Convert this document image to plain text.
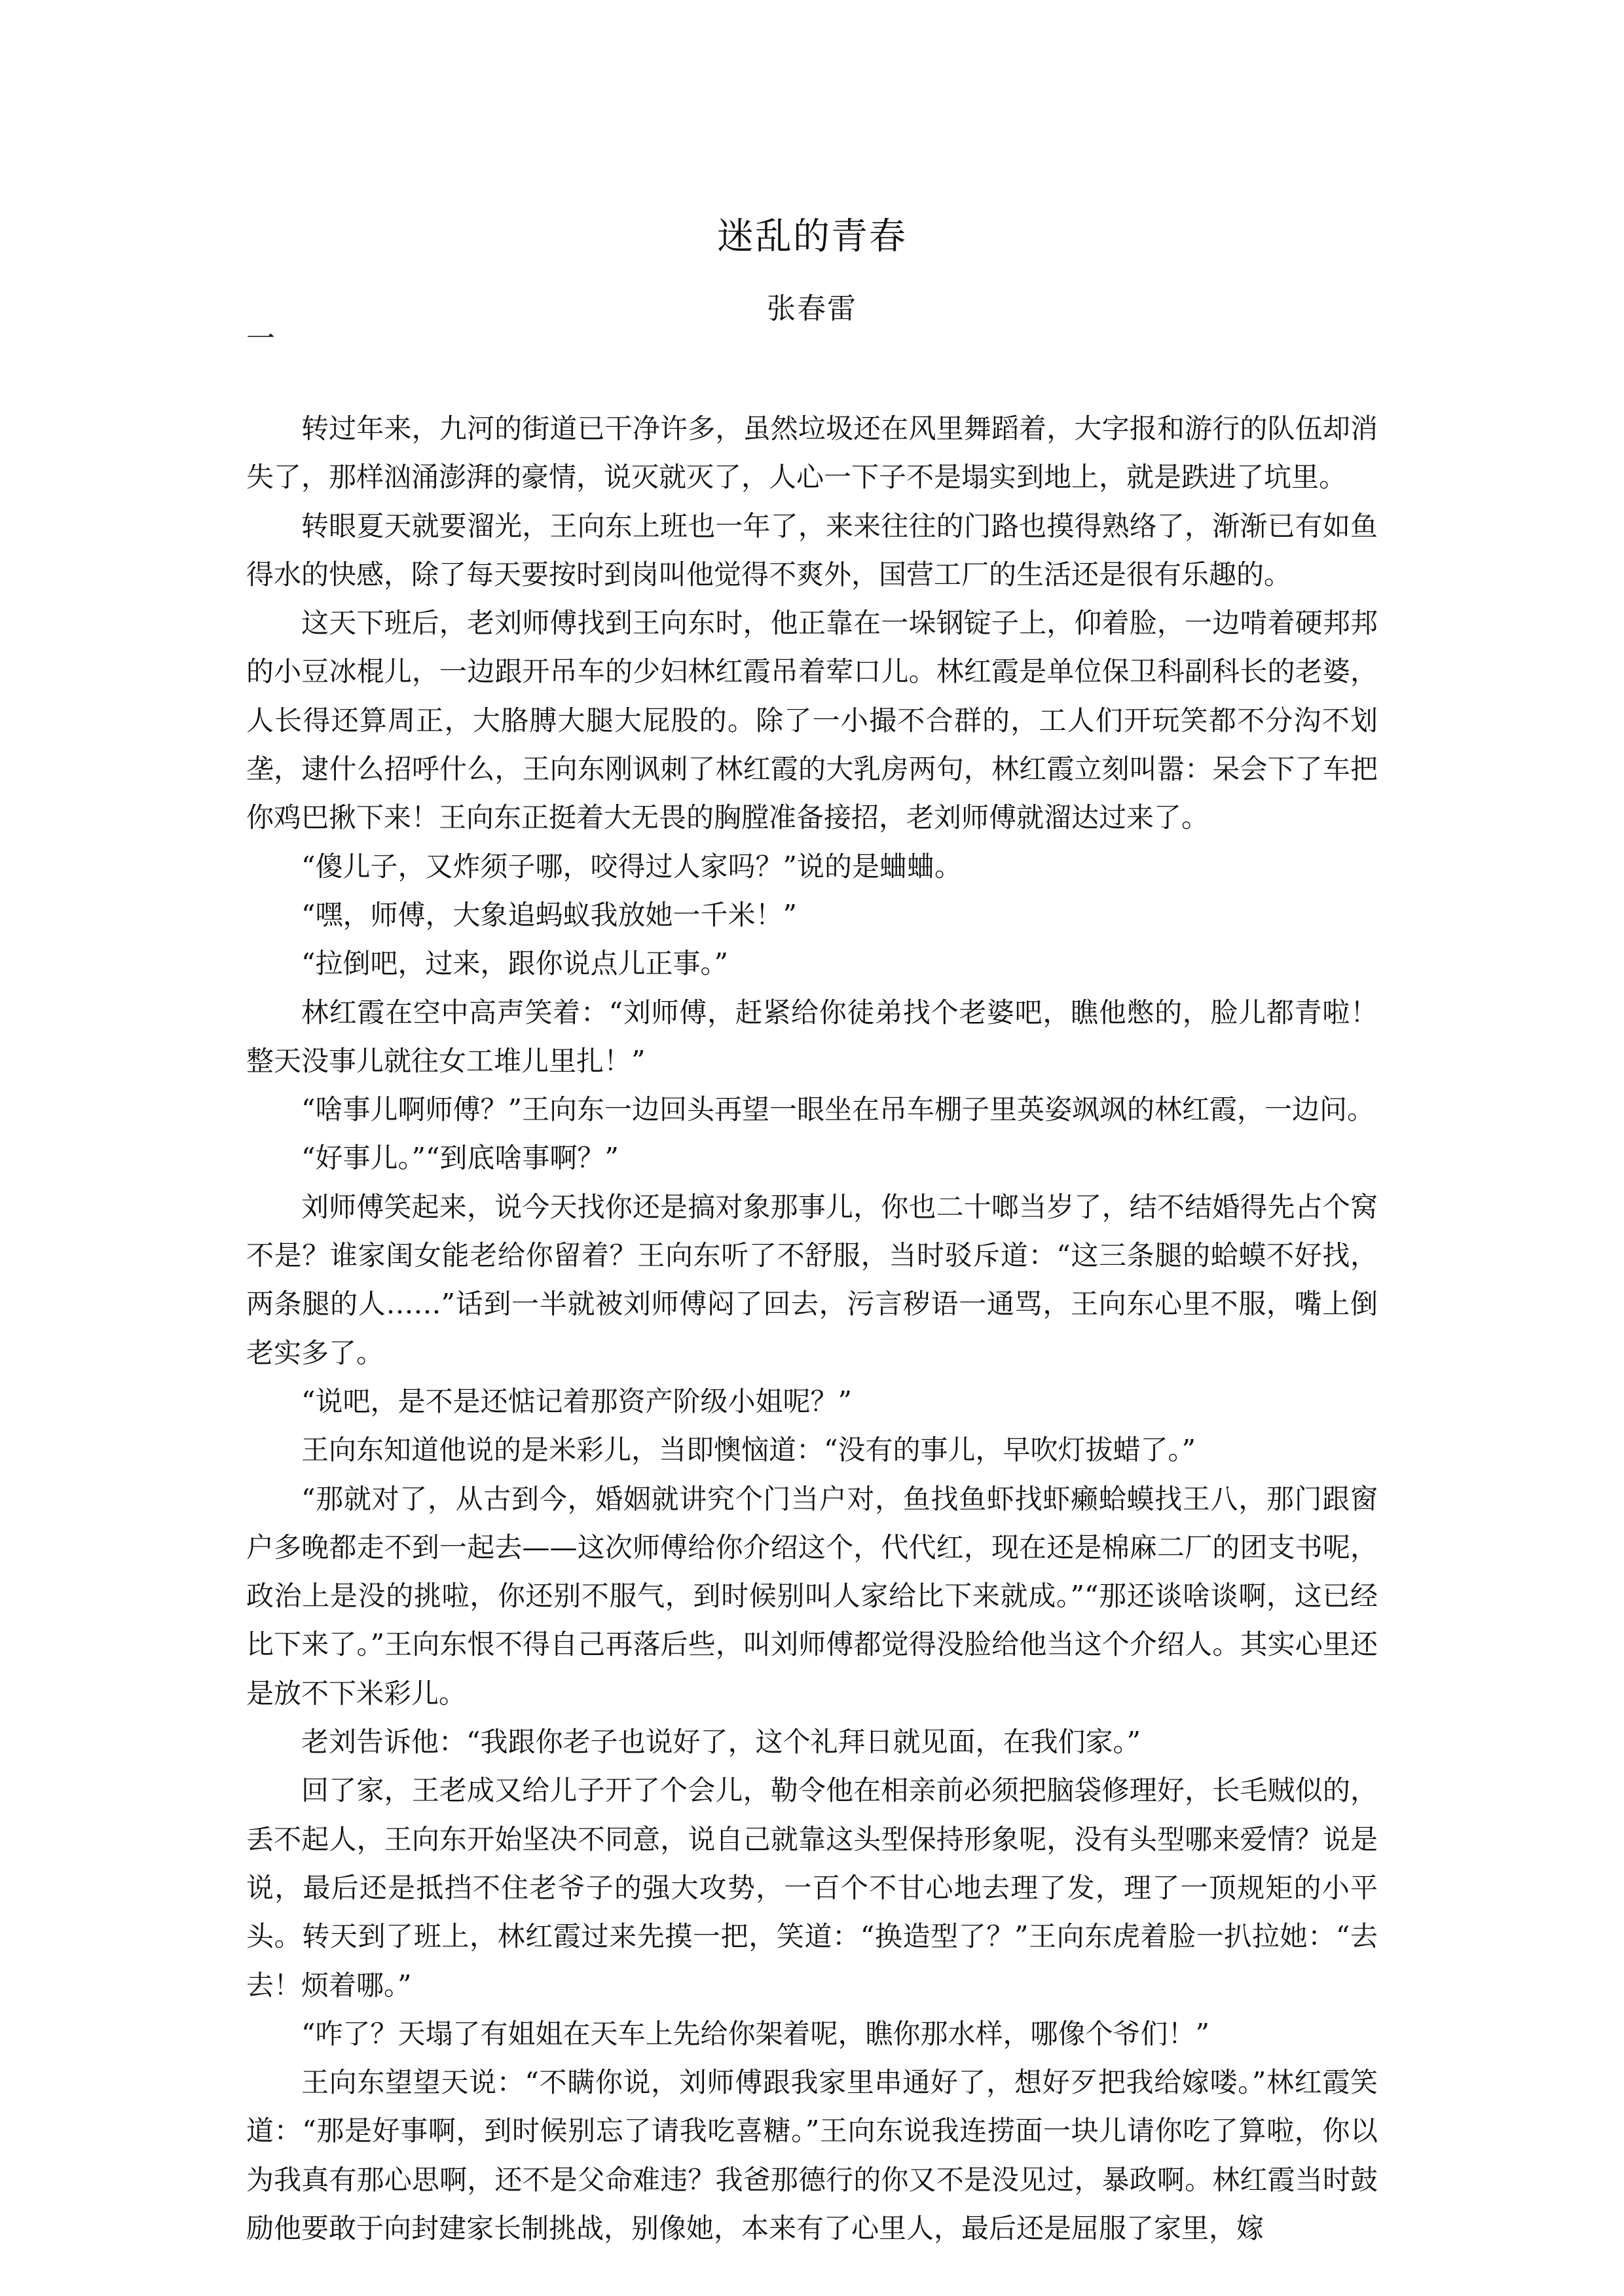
迷乱的青春
张春雷
一

转过年来，九河的街道已干净许多，虽然垃圾还在风里舞蹈着，大字报和游行的队伍却消失了，那样汹涌澎湃的豪情，说灭就灭了，人心一下子不是塌实到地上，就是跌进了坑里。

转眼夏天就要溜光，王向东上班也一年了，来来往往的门路也摸得熟络了，渐渐已有如鱼得水的快感，除了每天要按时到岗叫他觉得不爽外，国营工厂的生活还是很有乐趣的。

这天下班后，老刘师傅找到王向东时，他正靠在一垛钢锭子上，仰着脸，一边啃着硬邦邦的小豆冰棍儿，一边跟开吊车的少妇林红霞吊着荤口儿。林红霞是单位保卫科副科长的老婆，人长得还算周正，大胳膊大腿大屁股的。除了一小撮不合群的，工人们开玩笑都不分沟不划垄，逮什么招呼什么，王向东刚讽刺了林红霞的大乳房两句，林红霞立刻叫嚣：呆会下了车把你鸡巴揪下来！王向东正挺着大无畏的胸膛准备接招，老刘师傅就溜达过来了。

“傻儿子，又炸须子哪，咬得过人家吗？”说的是蛐蛐。

“嘿，师傅，大象追蚂蚁我放她一千米！”

“拉倒吧，过来，跟你说点儿正事。”

林红霞在空中高声笑着：“刘师傅，赶紧给你徒弟找个老婆吧，瞧他憋的，脸儿都青啦！整天没事儿就往女工堆儿里扎！”

“啥事儿啊师傅？”王向东一边回头再望一眼坐在吊车棚子里英姿飒飒的林红霞，一边问。

“好事儿。”“到底啥事啊？”

刘师傅笑起来，说今天找你还是搞对象那事儿，你也二十啷当岁了，结不结婚得先占个窝不是？谁家闺女能老给你留着？王向东听了不舒服，当时驳斥道：“这三条腿的蛤蟆不好找，两条腿的人……”话到一半就被刘师傅闷了回去，污言秽语一通骂，王向东心里不服，嘴上倒老实多了。

“说吧，是不是还惦记着那资产阶级小姐呢？”

王向东知道他说的是米彩儿，当即懊恼道：“没有的事儿，早吹灯拔蜡了。”

“那就对了，从古到今，婚姻就讲究个门当户对，鱼找鱼虾找虾癞蛤蟆找王八，那门跟窗户多晚都走不到一起去——这次师傅给你介绍这个，代代红，现在还是棉麻二厂的团支书呢，政治上是没的挑啦，你还别不服气，到时候别叫人家给比下来就成。”“那还谈啥谈啊，这已经比下来了。”王向东恨不得自己再落后些，叫刘师傅都觉得没脸给他当这个介绍人。其实心里还是放不下米彩儿。

老刘告诉他：“我跟你老子也说好了，这个礼拜日就见面，在我们家。”

回了家，王老成又给儿子开了个会儿，勒令他在相亲前必须把脑袋修理好，长毛贼似的，丢不起人，王向东开始坚决不同意，说自己就靠这头型保持形象呢，没有头型哪来爱情？说是说，最后还是抵挡不住老爷子的强大攻势，一百个不甘心地去理了发，理了一顶规矩的小平头。转天到了班上，林红霞过来先摸一把，笑道：“换造型了？”王向东虎着脸一扒拉她：“去去！烦着哪。”

“咋了？天塌了有姐姐在天车上先给你架着呢，瞧你那水样，哪像个爷们！”

王向东望望天说：“不瞒你说，刘师傅跟我家里串通好了，想好歹把我给嫁喽。”林红霞笑道：“那是好事啊，到时候别忘了请我吃喜糖。”王向东说我连捞面一块儿请你吃了算啦，你以为我真有那心思啊，还不是父命难违？我爸那德行的你又不是没见过，暴政啊。林红霞当时鼓励他要敢于向封建家长制挑战，别像她，本来有了心里人，最后还是屈服了家里，嫁
